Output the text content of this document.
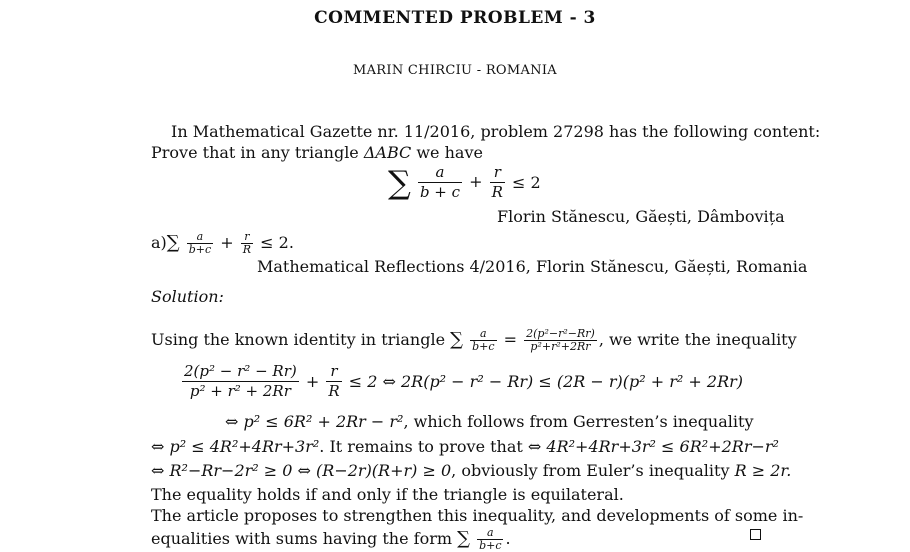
COMMENTED PROBLEM - 3
MARIN CHIRCIU - ROMANIA
In Mathematical Gazette nr. 11/2016, problem 27298 has the following content:
Prove that in any triangle ΔABC we have
∑ $\frac{a}{b + c} + \frac{r}{R} \le 2$
Florin Stănescu, Găești, Dâmbovița
$a)\sum \frac{a}{b+c} + \frac{r}{R} \le 2$.
Mathematical Reflections 4/2016, Florin Stănescu, Găești, Romania
Solution:
Using the known identity in triangle ∑ $\frac{a}{b+c} = \frac{\text{2(p²−r²−Rr)}}{\text{p²+r²+2Rr}}$ , we write the inequality
$\frac{\text{2(p² − r² − Rr)}}{\text{p² + r² + 2Rr}} + \frac{r}{R} \le 2$ ⇔ 2R(p² − r² − Rr) ≤ (2R − r)(p² + r² + 2Rr)
⇔ p² ≤ 6R² + 2Rr − r², which follows from Gerresten’s inequality
⇔ p² ≤ 4R²+4Rr+3r². It remains to prove that ⇔ 4R²+4Rr+3r² ≤ 6R²+2Rr−r²
⇔ R²−Rr−2r² ≥ 0 ⇔ (R−2r)(R+r) ≥ 0, obviously from Euler’s inequality R ≥ 2r.
The equality holds if and only if the triangle is equilateral.
The article proposes to strengthen this inequality, and developments of some in-
equalities with sums having the form ∑ $\frac{a}{b+c}$ .
